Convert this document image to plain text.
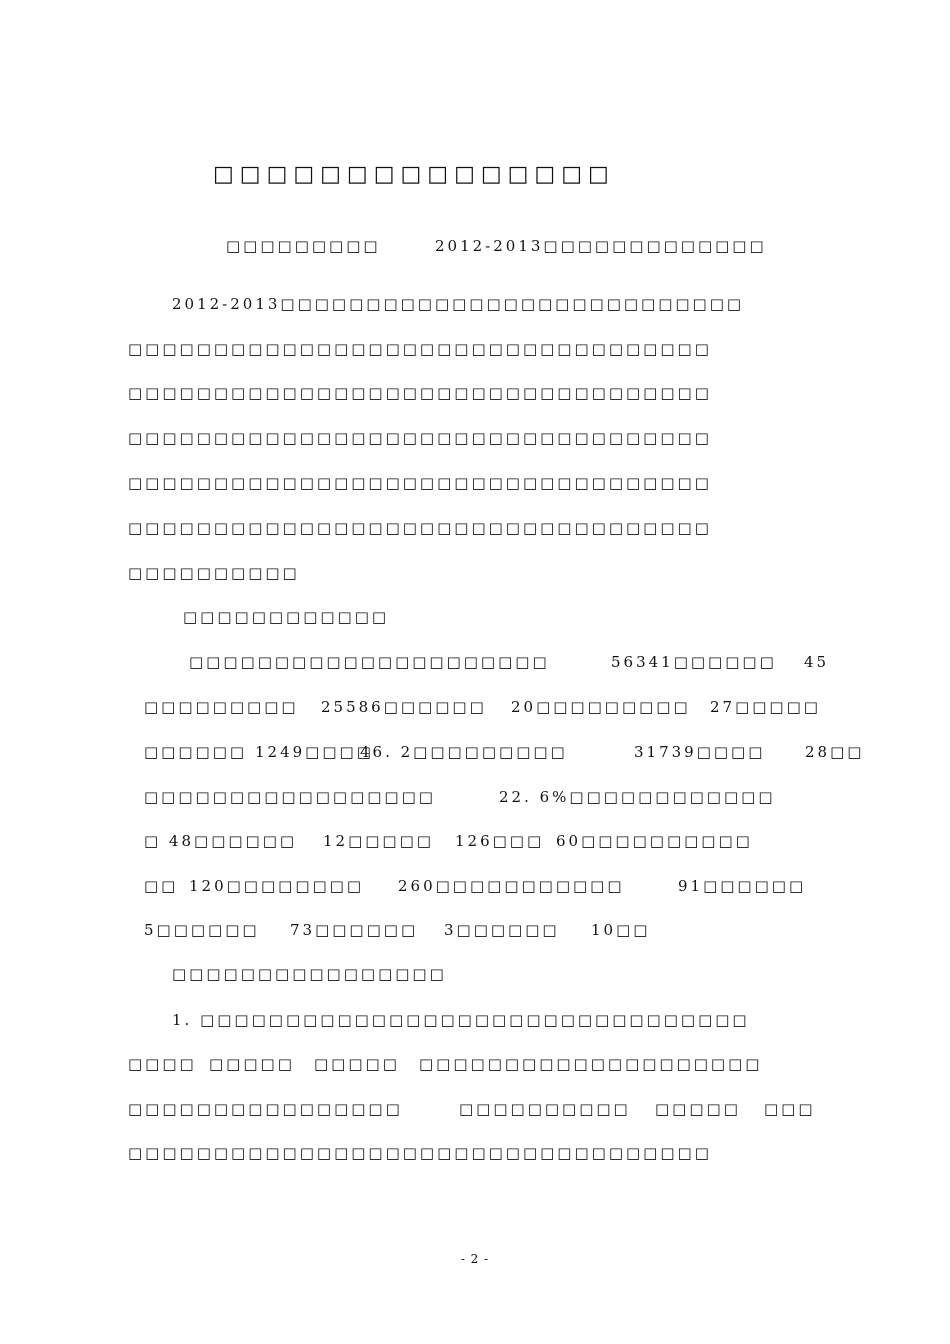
□□□□□□□□□□□□□□□
□□□□□□□□□	2012-2013□□□□□□□□□□□□□
2012-2013□□□□□□□□□□□□□□□□□□□□□□□□□□□
□□□□□□□□□□□□□□□□□□□□□□□□□□□□□□□□□□
□□□□□□□□□□□□□□□□□□□□□□□□□□□□□□□□□□
□□□□□□□□□□□□□□□□□□□□□□□□□□□□□□□□□□
□□□□□□□□□□□□□□□□□□□□□□□□□□□□□□□□□□
□□□□□□□□□□□□□□□□□□□□□□□□□□□□□□□□□□
□□□□□□□□□□
□□□□□□□□□□□□
□□□□□□□□□□□□□□□□□□□□□	56341□□□□□□ 45
□□□□□□□□□ 25586□□□□□□ 20□□□□□□□□□ 27□□□□□
□□□□□□ 1249□□□□
46. 2□□□□□□□□□	31739□□□□	28□□
□□□□□□□□□□□□□□□□□	22. 6%□□□□□□□□□□□□
□ 48□□□□□□ 12□□□□□ 126□□□ 60□□□□□□□□□□
□□ 120□□□□□□□□ 260□□□□□□□□□□□	91□□□□□□
5□□□□□□ 73□□□□□□ 3□□□□□□ 10□□
□□□□□□□□□□□□□□□□
1. □□□□□□□□□□□□□□□□□□□□□□□□□□□□□□□□
□□□□ □□□□□ □□□□□ □□□□□□□□□□□□□□□□□□□□
□□□□□□□□□□□□□□□□	□□□□□□□□□□ □□□□□ □□□
□□□□□□□□□□□□□□□□□□□□□□□□□□□□□□□□□□
- 2 -
